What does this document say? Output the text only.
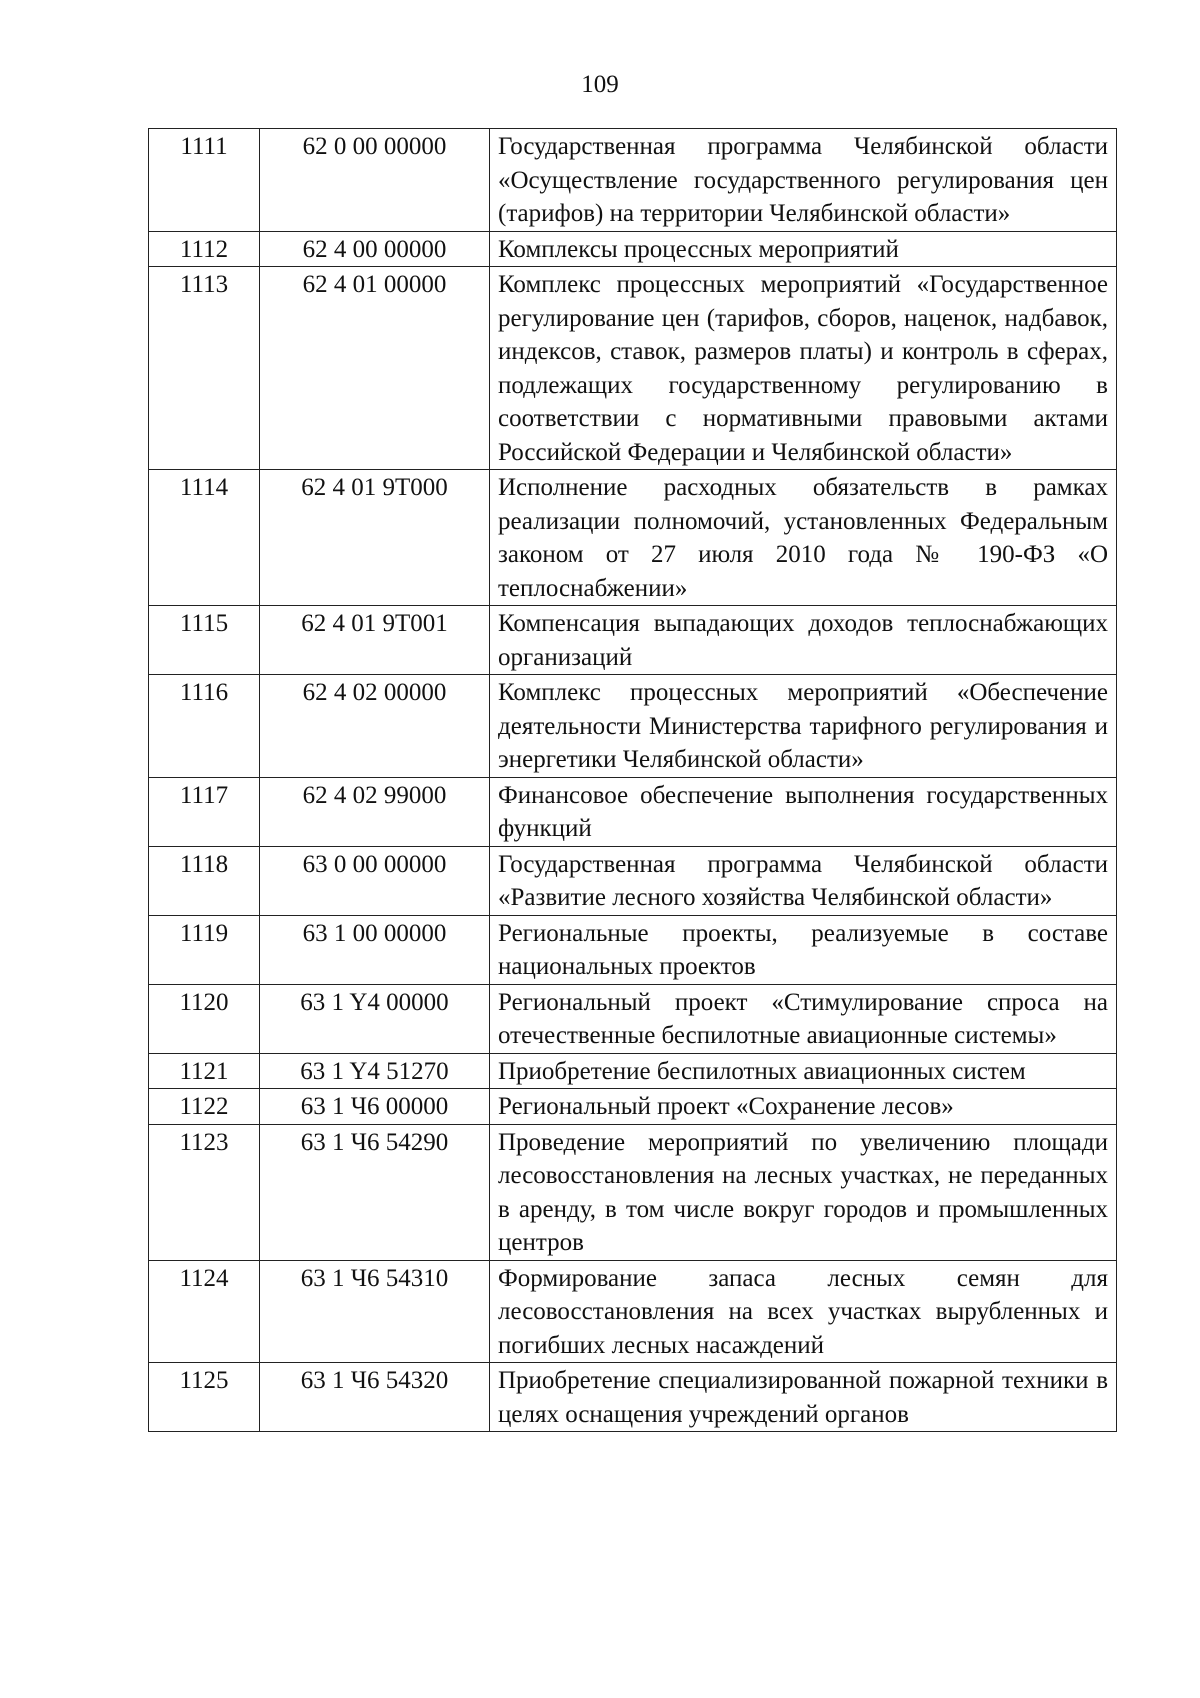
109
1111	62 0 00 00000	Государственная программа Челябинской области «Осуществление государственного регулирования цен (тарифов) на территории Челябинской области»
1112	62 4 00 00000	Комплексы процессных мероприятий
1113	62 4 01 00000	Комплекс процессных мероприятий «Государственное регулирование цен (тарифов, сборов, наценок, надбавок, индексов, ставок, размеров платы) и контроль в сферах, подлежащих государственному регулированию в соответствии с нормативными правовыми актами Российской Федерации и Челябинской области»
1114	62 4 01 9Т000	Исполнение расходных обязательств в рамках реализации полномочий, установленных Федеральным законом от 27 июля 2010 года № 190-ФЗ «О теплоснабжении»
1115	62 4 01 9Т001	Компенсация выпадающих доходов теплоснабжающих организаций
1116	62 4 02 00000	Комплекс процессных мероприятий «Обеспечение деятельности Министерства тарифного регулирования и энергетики Челябинской области»
1117	62 4 02 99000	Финансовое обеспечение выполнения государственных функций
1118	63 0 00 00000	Государственная программа Челябинской области «Развитие лесного хозяйства Челябинской области»
1119	63 1 00 00000	Региональные проекты, реализуемые в составе национальных проектов
1120	63 1 Y4 00000	Региональный проект «Стимулирование спроса на отечественные беспилотные авиационные системы»
1121	63 1 Y4 51270	Приобретение беспилотных авиационных систем
1122	63 1 Ч6 00000	Региональный проект «Сохранение лесов»
1123	63 1 Ч6 54290	Проведение мероприятий по увеличению площади лесовосстановления на лесных участках, не переданных в аренду, в том числе вокруг городов и промышленных центров
1124	63 1 Ч6 54310	Формирование запаса лесных семян для лесовосстановления на всех участках вырубленных и погибших лесных насаждений
1125	63 1 Ч6 54320	Приобретение специализированной пожарной техники в целях оснащения учреждений органов
